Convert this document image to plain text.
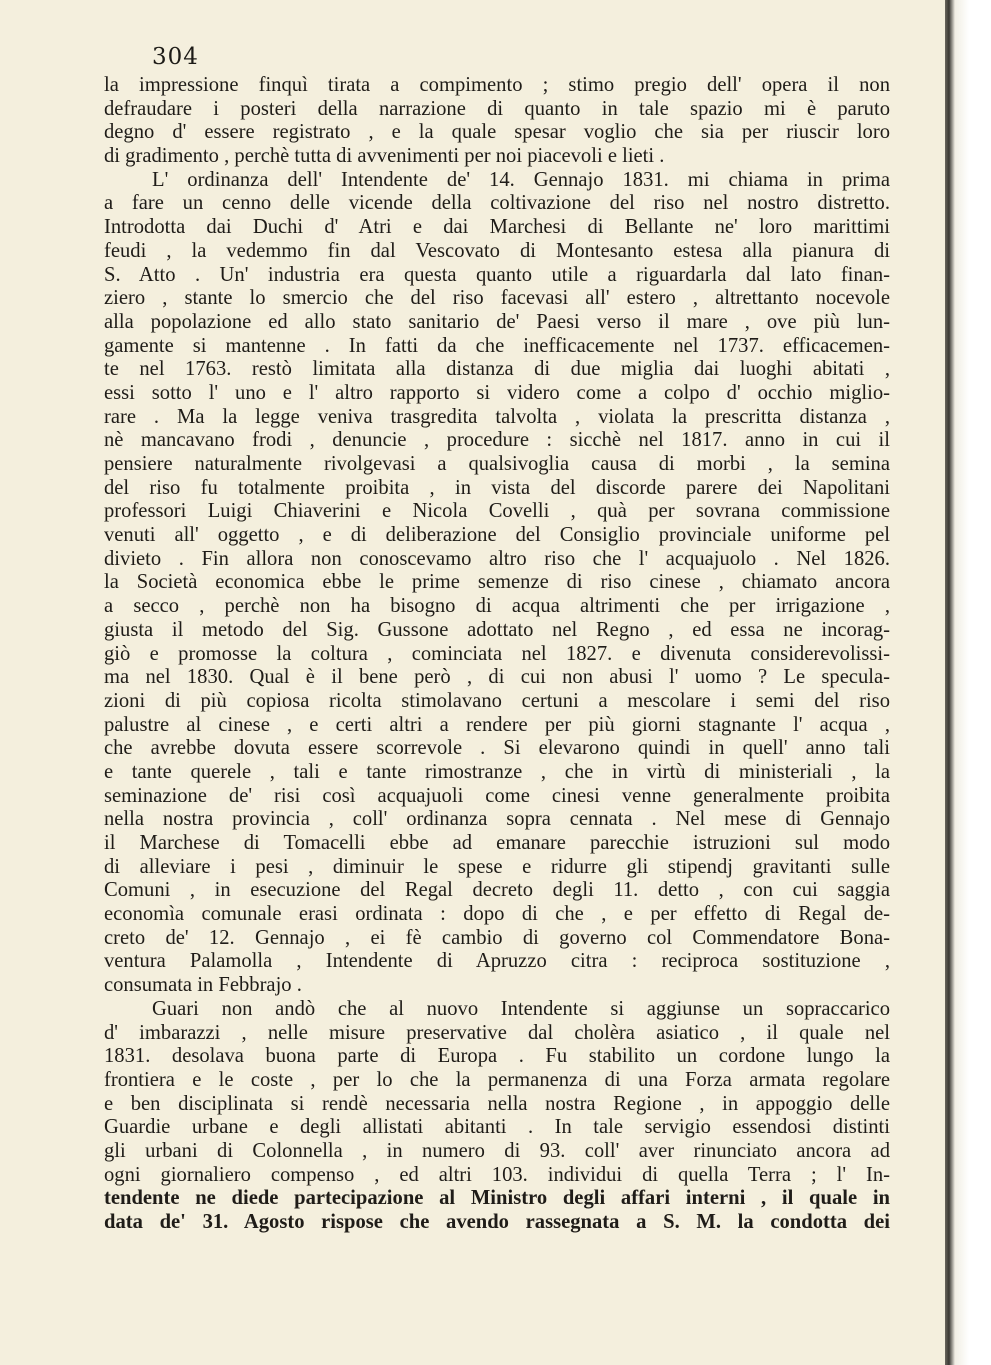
304
la impressione finquì tirata a compimento ; stimo pregio dell' opera il non
defraudare i posteri della narrazione di quanto in tale spazio mi è paruto
degno d' essere registrato , e la quale spesar voglio che sia per riuscir loro
di gradimento , perchè tutta di avvenimenti per noi piacevoli e lieti .
L' ordinanza dell' Intendente de' 14. Gennajo 1831. mi chiama in prima
a fare un cenno delle vicende della coltivazione del riso nel nostro distretto.
Introdotta dai Duchi d' Atri e dai Marchesi di Bellante ne' loro marittimi
feudi , la vedemmo fin dal Vescovato di Montesanto estesa alla pianura di
S. Atto . Un' industria era questa quanto utile a riguardarla dal lato finan-
ziero , stante lo smercio che del riso facevasi all' estero , altrettanto nocevole
alla popolazione ed allo stato sanitario de' Paesi verso il mare , ove più lun-
gamente si mantenne . In fatti da che inefficacemente nel 1737. efficacemen-
te nel 1763. restò limitata alla distanza di due miglia dai luoghi abitati ,
essi sotto l' uno e l' altro rapporto si videro come a colpo d' occhio miglio-
rare . Ma la legge veniva trasgredita talvolta , violata la prescritta distanza ,
nè mancavano frodi , denuncie , procedure : sicchè nel 1817. anno in cui il
pensiere naturalmente rivolgevasi a qualsivoglia causa di morbi , la semina
del riso fu totalmente proibita , in vista del discorde parere dei Napolitani
professori Luigi Chiaverini e Nicola Covelli , quà per sovrana commissione
venuti all' oggetto , e di deliberazione del Consiglio provinciale uniforme pel
divieto . Fin allora non conoscevamo altro riso che l' acquajuolo . Nel 1826.
la Società economica ebbe le prime semenze di riso cinese , chiamato ancora
a secco , perchè non ha bisogno di acqua altrimenti che per irrigazione ,
giusta il metodo del Sig. Gussone adottato nel Regno , ed essa ne incorag-
giò e promosse la coltura , cominciata nel 1827. e divenuta considerevolissi-
ma nel 1830. Qual è il bene però , di cui non abusi l' uomo ? Le specula-
zioni di più copiosa ricolta stimolavano certuni a mescolare i semi del riso
palustre al cinese , e certi altri a rendere per più giorni stagnante l' acqua ,
che avrebbe dovuta essere scorrevole . Si elevarono quindi in quell' anno tali
e tante querele , tali e tante rimostranze , che in virtù di ministeriali , la
seminazione de' risi così acquajuoli come cinesi venne generalmente proibita
nella nostra provincia , coll' ordinanza sopra cennata . Nel mese di Gennajo
il Marchese di Tomacelli ebbe ad emanare parecchie istruzioni sul modo
di alleviare i pesi , diminuir le spese e ridurre gli stipendj gravitanti sulle
Comuni , in esecuzione del Regal decreto degli 11. detto , con cui saggia
economìa comunale erasi ordinata : dopo di che , e per effetto di Regal de-
creto de' 12. Gennajo , ei fè cambio di governo col Commendatore Bona-
ventura Palamolla , Intendente di Apruzzo citra : reciproca sostituzione ,
consumata in Febbrajo .
Guari non andò che al nuovo Intendente si aggiunse un sopraccarico
d' imbarazzi , nelle misure preservative dal cholèra asiatico , il quale nel
1831. desolava buona parte di Europa . Fu stabilito un cordone lungo la
frontiera e le coste , per lo che la permanenza di una Forza armata regolare
e ben disciplinata si rendè necessaria nella nostra Regione , in appoggio delle
Guardie urbane e degli allistati abitanti . In tale servigio essendosi distinti
gli urbani di Colonnella , in numero di 93. coll' aver rinunciato ancora ad
ogni giornaliero compenso , ed altri 103. individui di quella Terra ; l' In-
tendente ne diede partecipazione al Ministro degli affari interni , il quale in
data de' 31. Agosto rispose che avendo rassegnata a S. M. la condotta dei
